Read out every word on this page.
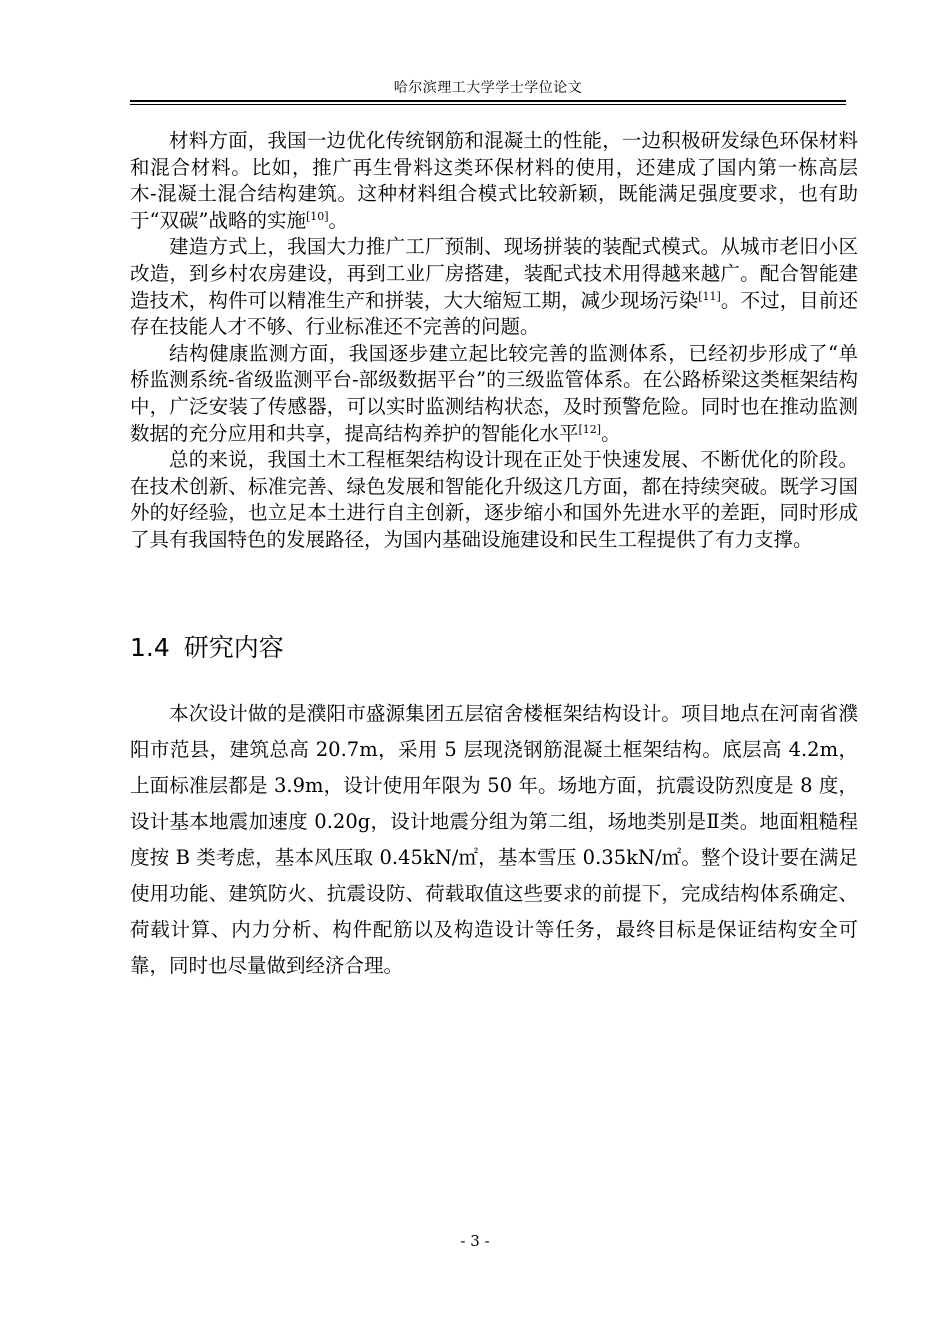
哈尔滨理工大学学士学位论文

材料方面，我国一边优化传统钢筋和混凝土的性能，一边积极研发绿色环保材料和混合材料。比如，推广再生骨料这类环保材料的使用，还建成了国内第一栋高层木-混凝土混合结构建筑。这种材料组合模式比较新颖，既能满足强度要求，也有助于“双碳”战略的实施[10]。

建造方式上，我国大力推广工厂预制、现场拼装的装配式模式。从城市老旧小区改造，到乡村农房建设，再到工业厂房搭建，装配式技术用得越来越广。配合智能建造技术，构件可以精准生产和拼装，大大缩短工期，减少现场污染[11]。不过，目前还存在技能人才不够、行业标准还不完善的问题。

结构健康监测方面，我国逐步建立起比较完善的监测体系，已经初步形成了“单桥监测系统-省级监测平台-部级数据平台”的三级监管体系。在公路桥梁这类框架结构中，广泛安装了传感器，可以实时监测结构状态，及时预警危险。同时也在推动监测数据的充分应用和共享，提高结构养护的智能化水平[12]。

总的来说，我国土木工程框架结构设计现在正处于快速发展、不断优化的阶段。在技术创新、标准完善、绿色发展和智能化升级这几方面，都在持续突破。既学习国外的好经验，也立足本土进行自主创新，逐步缩小和国外先进水平的差距，同时形成了具有我国特色的发展路径，为国内基础设施建设和民生工程提供了有力支撑。

1.4 研究内容

本次设计做的是濮阳市盛源集团五层宿舍楼框架结构设计。项目地点在河南省濮阳市范县，建筑总高 20.7m，采用 5 层现浇钢筋混凝土框架结构。底层高 4.2m，上面标准层都是 3.9m，设计使用年限为 50 年。场地方面，抗震设防烈度是 8 度，设计基本地震加速度 0.20g，设计地震分组为第二组，场地类别是Ⅱ类。地面粗糙程度按 B 类考虑，基本风压取 0.45kN/㎡，基本雪压 0.35kN/㎡。整个设计要在满足使用功能、建筑防火、抗震设防、荷载取值这些要求的前提下，完成结构体系确定、荷载计算、内力分析、构件配筋以及构造设计等任务，最终目标是保证结构安全可靠，同时也尽量做到经济合理。

- 3 -
